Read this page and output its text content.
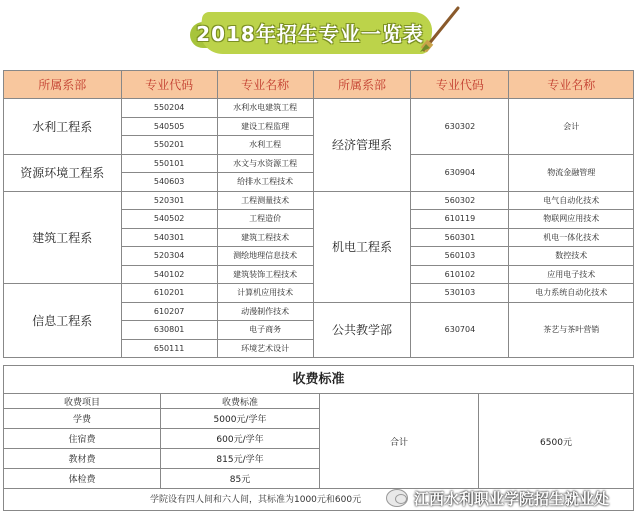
2018年招生专业一览表
所属系部	专业代码	专业名称	所属系部	专业代码	专业名称
水利工程系	550204	水利水电建筑工程	经济管理系	630302	会计
	540505	建设工程监理			
	550201	水利工程			
资源环境工程系	550101	水文与水资源工程		630904	物流金融管理
	540603	给排水工程技术			
建筑工程系	520301	工程测量技术	机电工程系	560302	电气自动化技术
	540502	工程造价		610119	物联网应用技术
	540301	建筑工程技术		560301	机电一体化技术
	520304	测绘地理信息技术		560103	数控技术
	540102	建筑装饰工程技术		610102	应用电子技术
信息工程系	610201	计算机应用技术		530103	电力系统自动化技术
	610207	动漫制作技术	公共教学部	630704	茶艺与茶叶营销
	630801	电子商务			
	650111	环境艺术设计			
收费标准
收费项目	收费标准	合计	6500元
学费	5000元/学年		
住宿费	600元/学年		
教材费	815元/学年		
体检费	85元		
学院设有四人间和六人间，其标准为1000元和600元	江西水利职业学院招生就业处
